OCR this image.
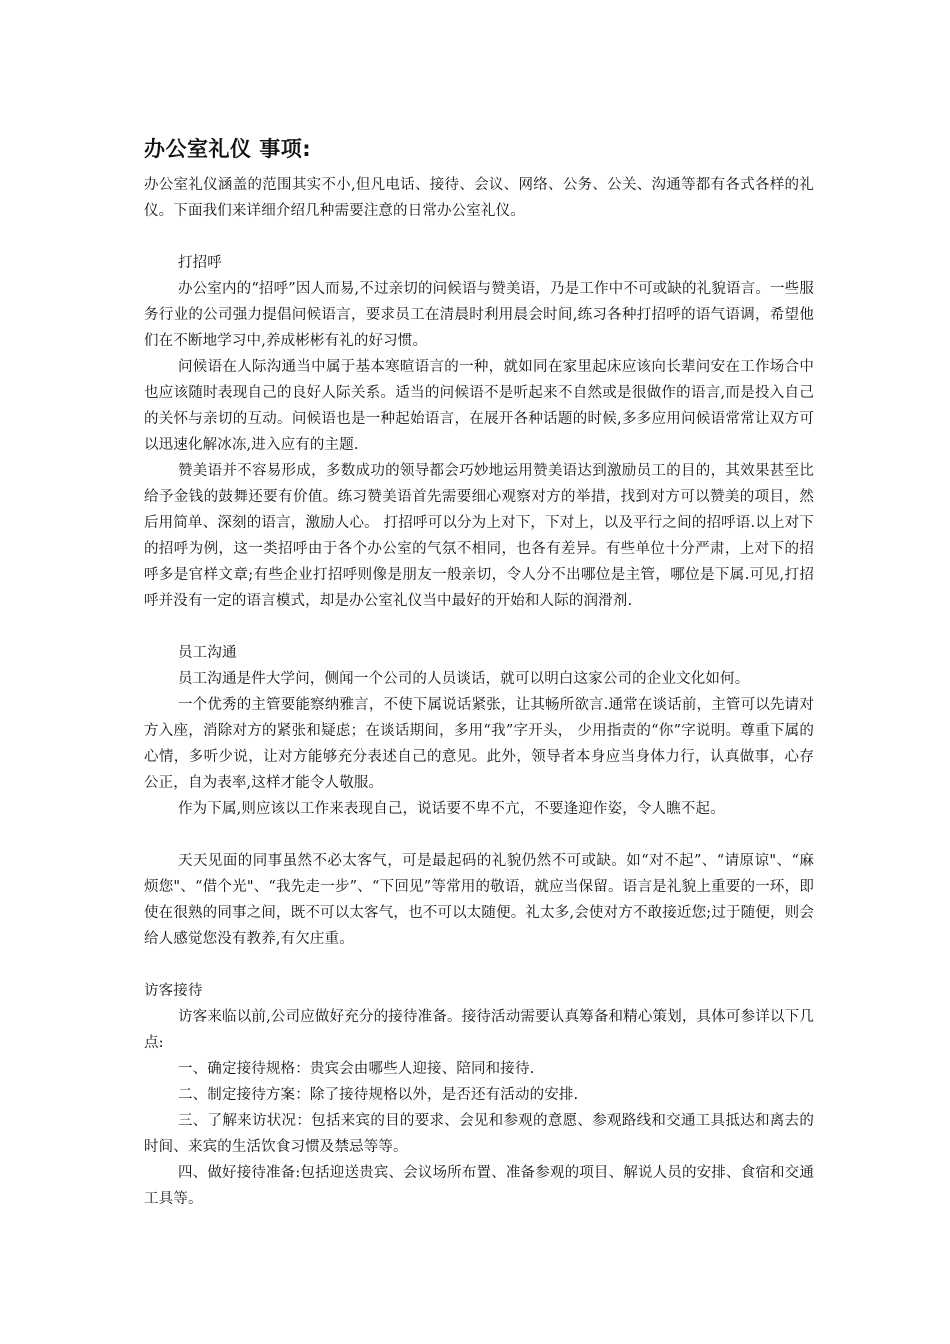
办公室礼仪 事项:

办公室礼仪涵盖的范围其实不小,但凡电话、接待、会议、网络、公务、公关、沟通等都有各式各样的礼仪。下面我们来详细介绍几种需要注意的日常办公室礼仪。

打招呼

办公室内的“招呼”因人而易,不过亲切的问候语与赞美语，乃是工作中不可或缺的礼貌语言。一些服务行业的公司强力提倡问候语言，要求员工在清晨时利用晨会时间,练习各种打招呼的语气语调，希望他们在不断地学习中,养成彬彬有礼的好习惯。

问候语在人际沟通当中属于基本寒暄语言的一种，就如同在家里起床应该向长辈问安在工作场合中也应该随时表现自己的良好人际关系。适当的问候语不是听起来不自然或是很做作的语言,而是投入自己的关怀与亲切的互动。问候语也是一种起始语言，在展开各种话题的时候,多多应用问候语常常让双方可以迅速化解冰冻,进入应有的主题.

赞美语并不容易形成，多数成功的领导都会巧妙地运用赞美语达到激励员工的目的，其效果甚至比给予金钱的鼓舞还要有价值。练习赞美语首先需要细心观察对方的举措，找到对方可以赞美的项目，然后用简单、深刻的语言，激励人心。 打招呼可以分为上对下，下对上，以及平行之间的招呼语.以上对下的招呼为例，这一类招呼由于各个办公室的气氛不相同，也各有差异。有些单位十分严肃，上对下的招呼多是官样文章;有些企业打招呼则像是朋友一般亲切，令人分不出哪位是主管，哪位是下属.可见,打招呼并没有一定的语言模式，却是办公室礼仪当中最好的开始和人际的润滑剂.

员工沟通

员工沟通是件大学问，侧闻一个公司的人员谈话，就可以明白这家公司的企业文化如何。

一个优秀的主管要能察纳雅言，不使下属说话紧张，让其畅所欲言.通常在谈话前，主管可以先请对方入座，消除对方的紧张和疑虑；在谈话期间，多用“我”字开头， 少用指责的“你”字说明。尊重下属的心情，多听少说，让对方能够充分表述自己的意见。此外，领导者本身应当身体力行，认真做事，心存公正，自为表率,这样才能令人敬服。

作为下属,则应该以工作来表现自己，说话要不卑不亢，不要逢迎作姿，令人瞧不起。

天天见面的同事虽然不必太客气，可是最起码的礼貌仍然不可或缺。如“对不起”、“请原谅"、“麻烦您"、“借个光"、“我先走一步”、“下回见”等常用的敬语，就应当保留。语言是礼貌上重要的一环，即使在很熟的同事之间，既不可以太客气，也不可以太随便。礼太多,会使对方不敢接近您;过于随便，则会给人感觉您没有教养,有欠庄重。

访客接待

访客来临以前,公司应做好充分的接待准备。接待活动需要认真筹备和精心策划，具体可参详以下几点:

一、确定接待规格：贵宾会由哪些人迎接、陪同和接待.

二、制定接待方案：除了接待规格以外，是否还有活动的安排.

三、了解来访状况：包括来宾的目的要求、会见和参观的意愿、参观路线和交通工具抵达和离去的时间、来宾的生活饮食习惯及禁忌等等。

四、做好接待准备:包括迎送贵宾、会议场所布置、准备参观的项目、解说人员的安排、食宿和交通工具等。
